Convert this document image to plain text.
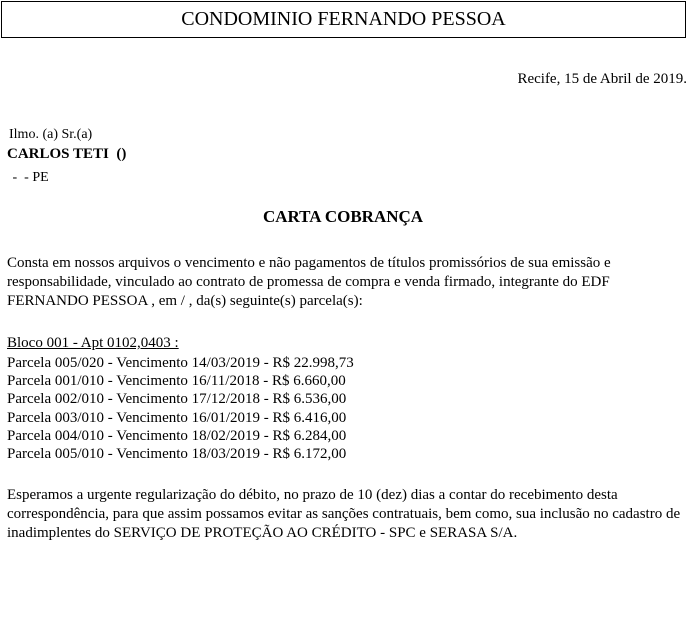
CONDOMINIO FERNANDO PESSOA
Recife, 15 de Abril de 2019.
Ilmo. (a) Sr.(a)
CARLOS TETI  ()
-  - PE
CARTA COBRANÇA

Consta em nossos arquivos o vencimento e não pagamentos de títulos promissórios de sua emissão e responsabilidade, vinculado ao contrato de promessa de compra e venda firmado, integrante do EDF FERNANDO PESSOA , em / , da(s) seguinte(s) parcela(s):

Bloco 001 - Apt 0102,0403 :
Parcela 005/020 - Vencimento 14/03/2019 - R$ 22.998,73
Parcela 001/010 - Vencimento 16/11/2018 - R$ 6.660,00
Parcela 002/010 - Vencimento 17/12/2018 - R$ 6.536,00
Parcela 003/010 - Vencimento 16/01/2019 - R$ 6.416,00
Parcela 004/010 - Vencimento 18/02/2019 - R$ 6.284,00
Parcela 005/010 - Vencimento 18/03/2019 - R$ 6.172,00

Esperamos a urgente regularização do débito, no prazo de 10 (dez) dias a contar do recebimento desta correspondência, para que assim possamos evitar as sanções contratuais, bem como, sua inclusão no cadastro de inadimplentes do SERVIÇO DE PROTEÇÃO AO CRÉDITO - SPC e SERASA S/A.
